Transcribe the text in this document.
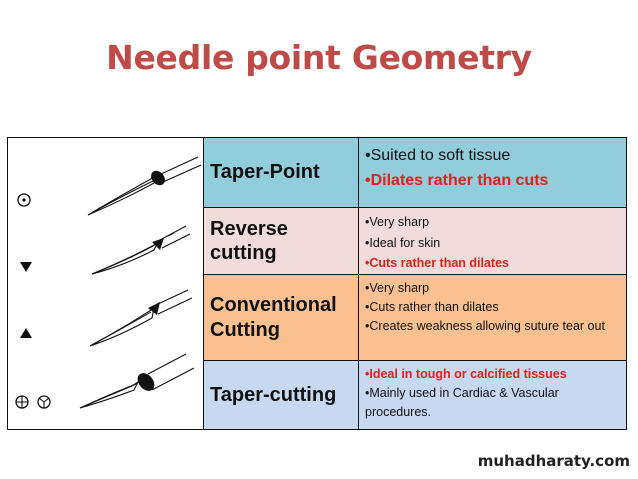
Needle point Geometry
Taper-Point
•Suited to soft tissue
•Dilates rather than cuts
Reverse cutting
•Very sharp
•Ideal for skin
•Cuts rather than dilates
Conventional Cutting
•Very sharp
•Cuts rather than dilates
•Creates weakness allowing suture tear out
Taper-cutting
•Ideal in tough or calcified tissues
•Mainly used in Cardiac & Vascular procedures.
muhadharaty.com
